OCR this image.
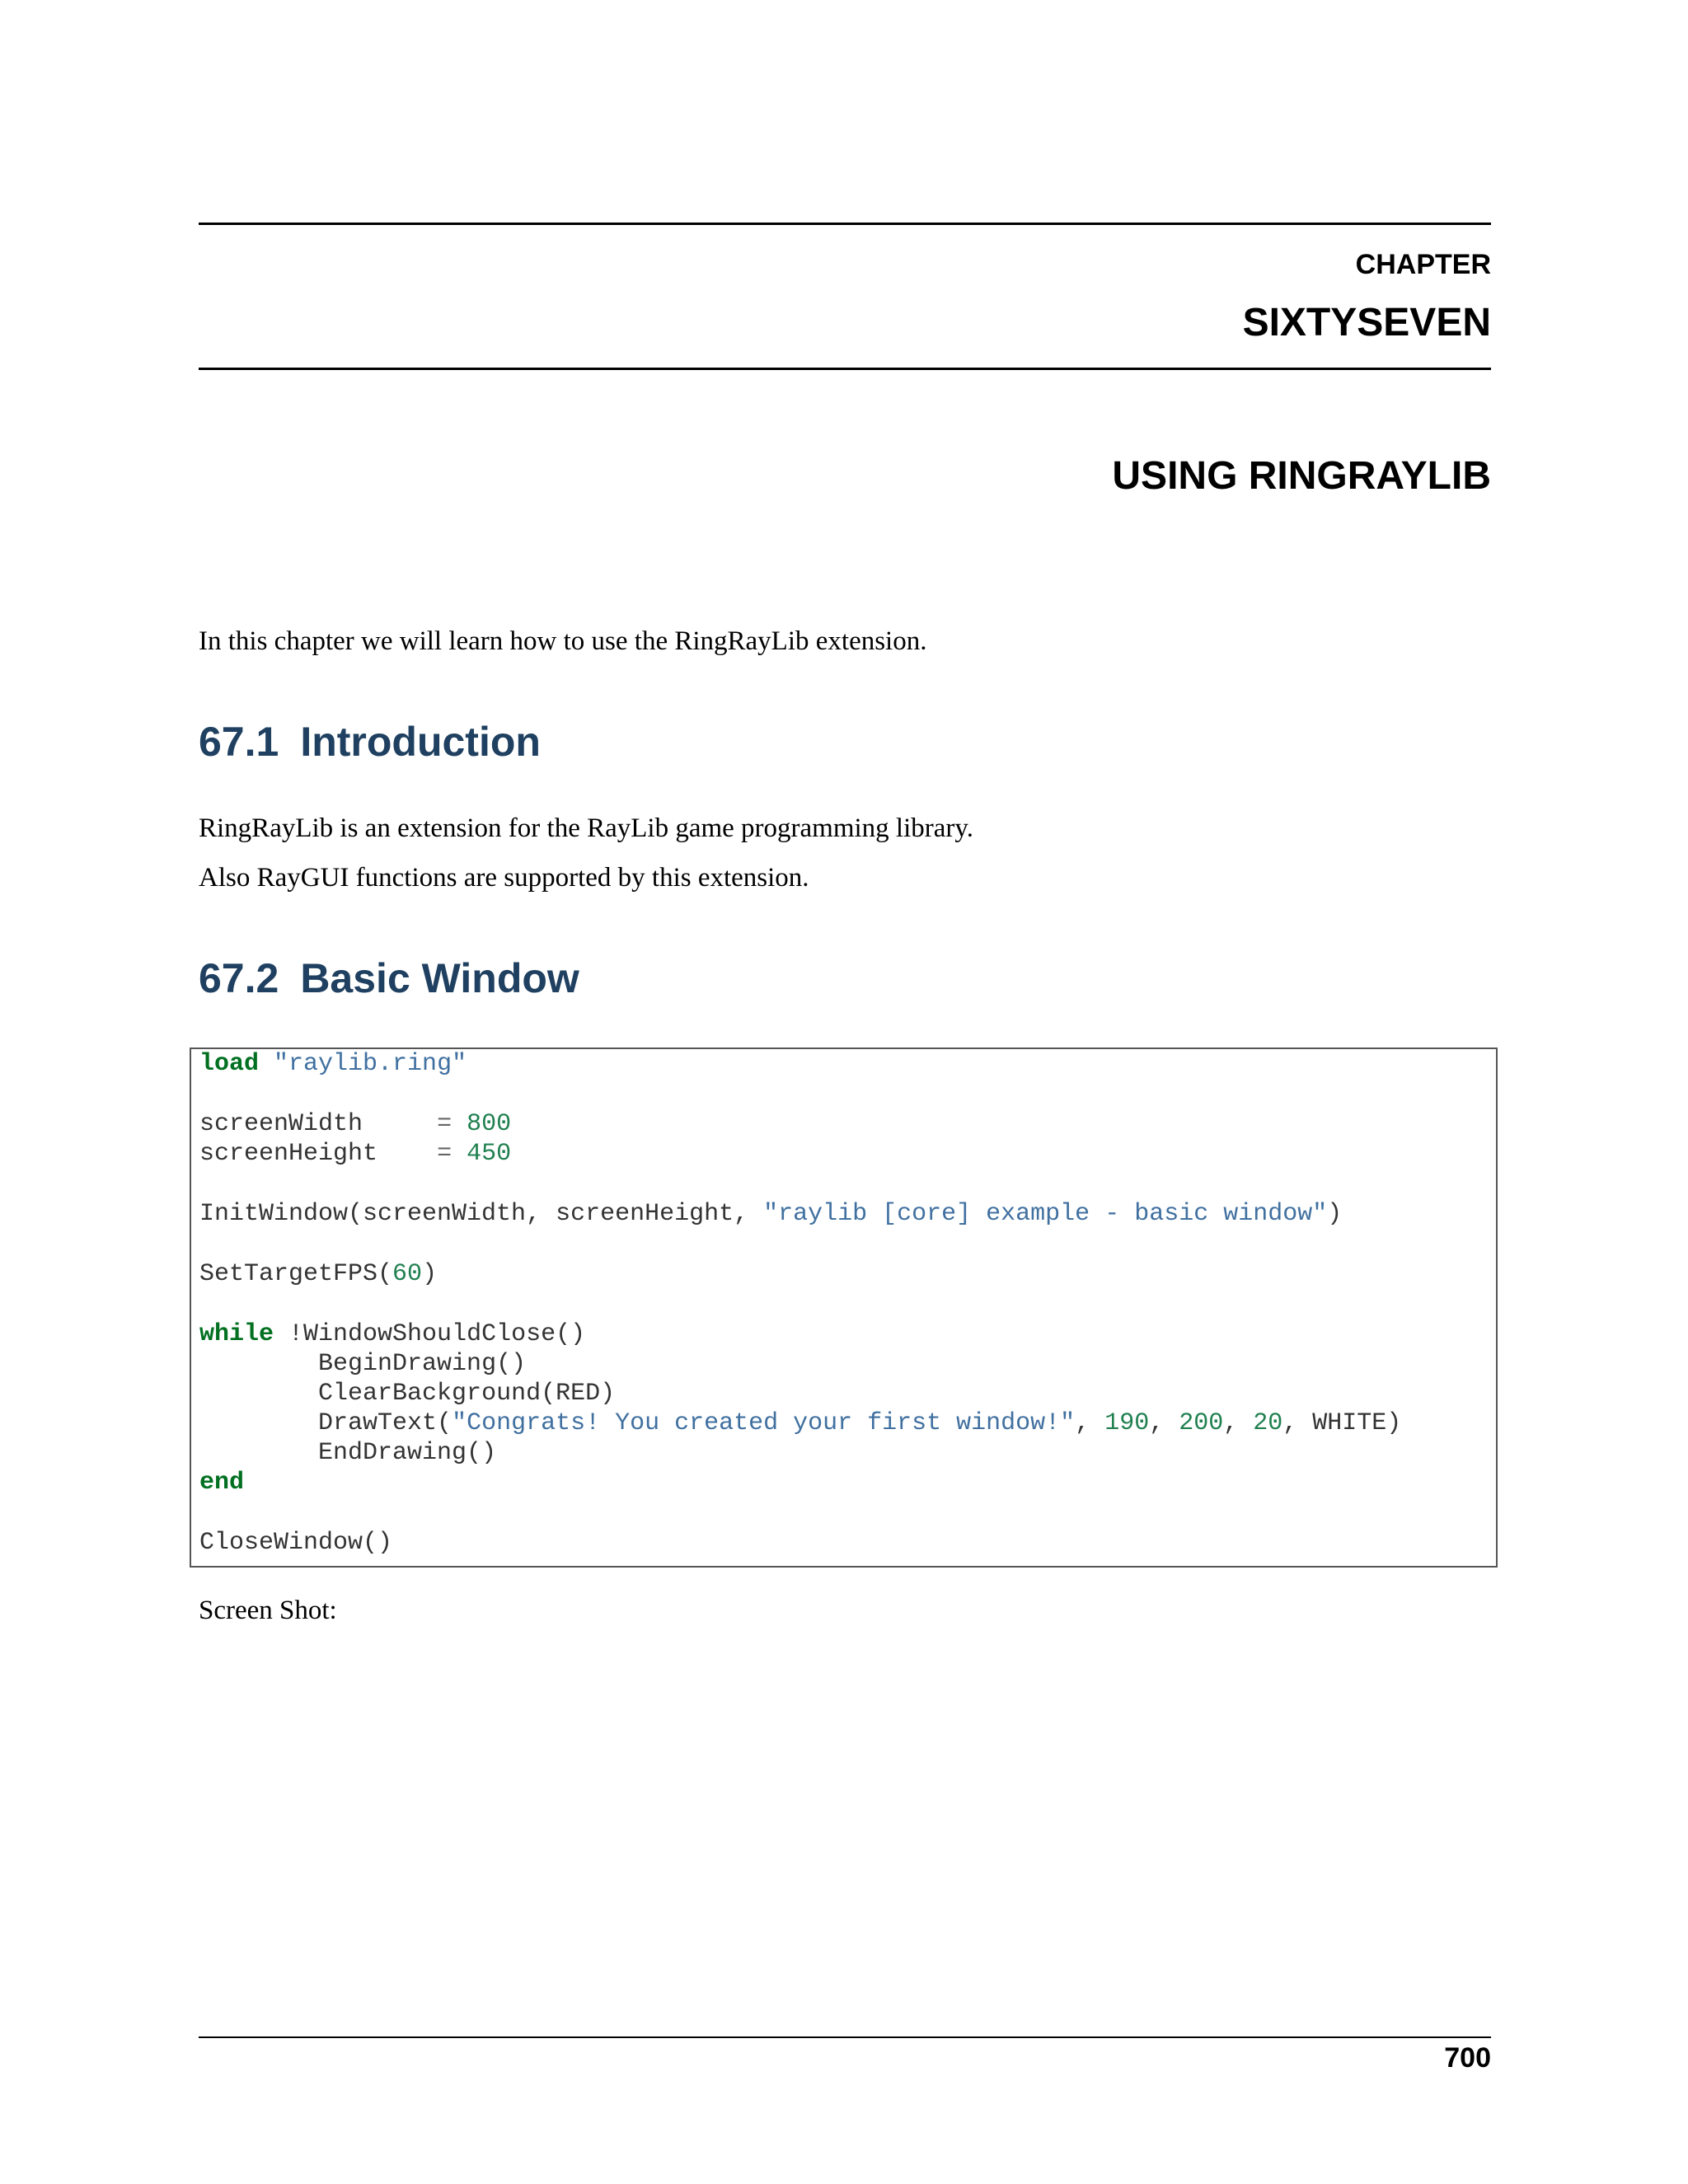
CHAPTER
SIXTYSEVEN
USING RINGRAYLIB
In this chapter we will learn how to use the RingRayLib extension.
67.1 Introduction
RingRayLib is an extension for the RayLib game programming library.
Also RayGUI functions are supported by this extension.
67.2 Basic Window
load "raylib.ring"
screenWidth	= 800
screenHeight = 450
InitWindow(screenWidth, screenHeight, "raylib [core] example - basic window")
SetTargetFPS(60)
while !WindowShouldClose()
BeginDrawing()
ClearBackground(RED)
DrawText("Congrats! You created your first window!", 190, 200, 20, WHITE)
EndDrawing()
end
CloseWindow()
Screen Shot:
700
